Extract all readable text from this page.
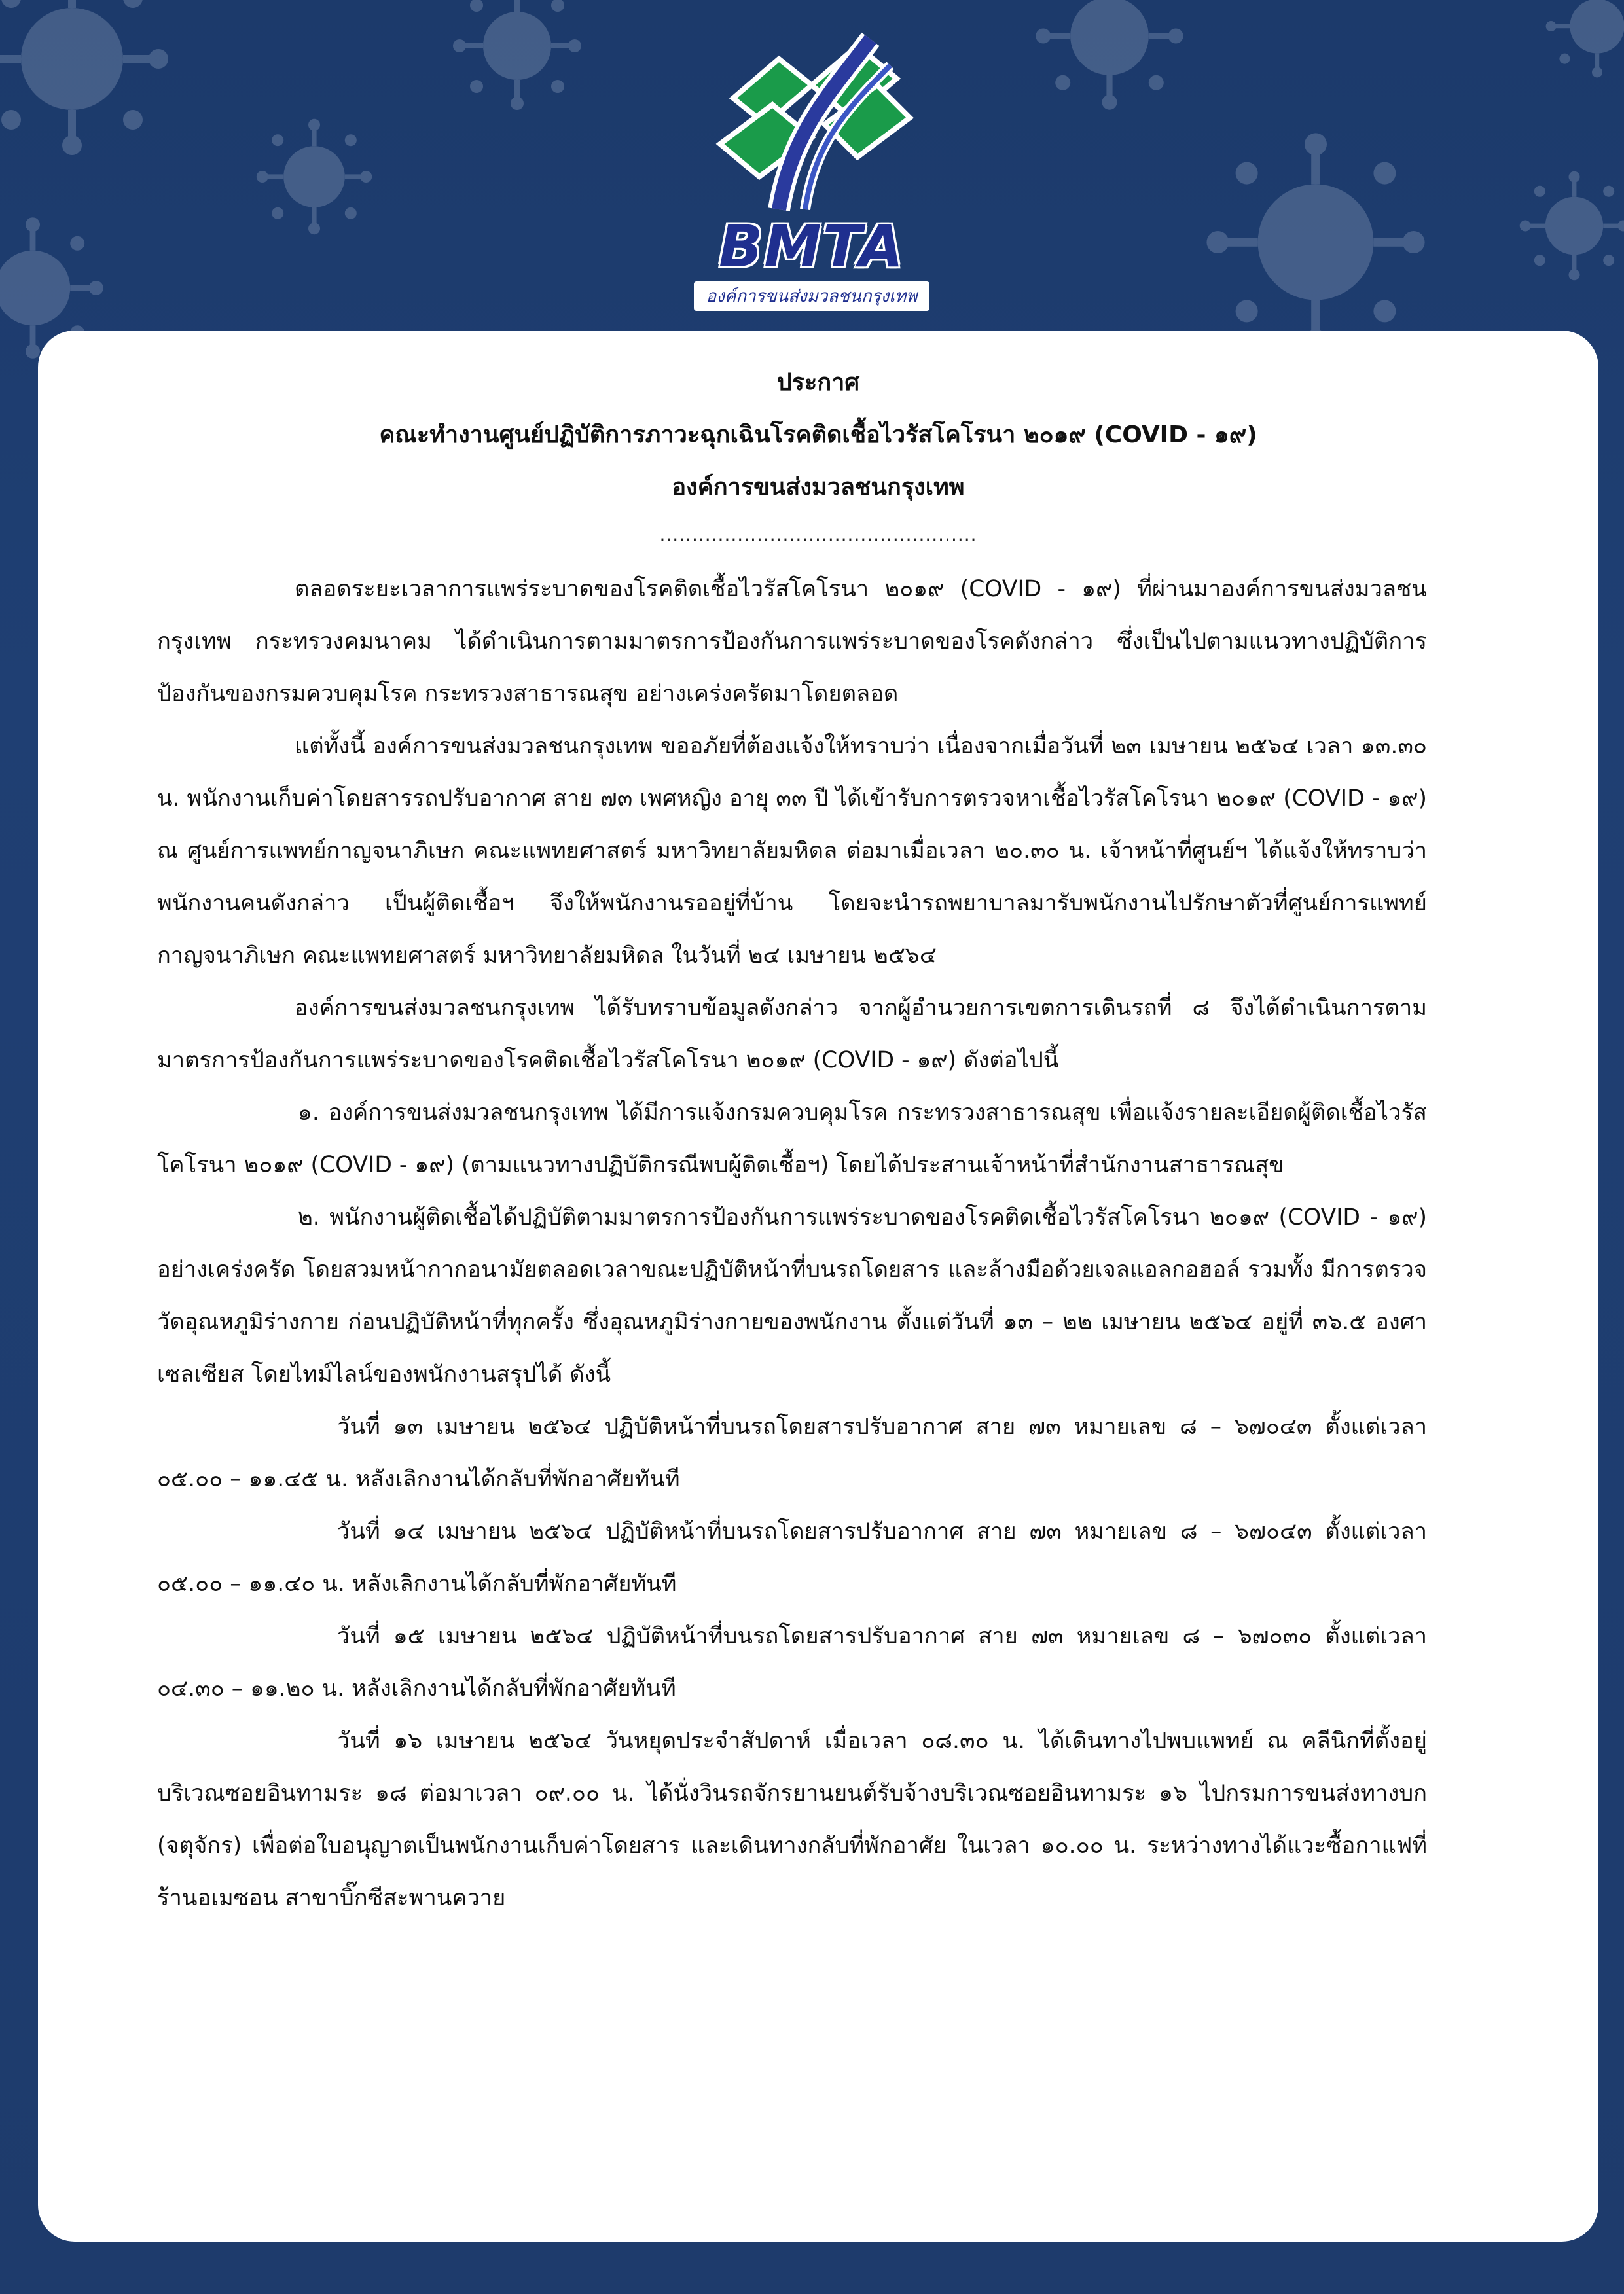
BMTA
องค์การขนส่งมวลชนกรุงเทพ
ประกาศ
คณะทำงานศูนย์ปฏิบัติการภาวะฉุกเฉินโรคติดเชื้อไวรัสโคโรนา ๒๐๑๙ (COVID - ๑๙)
องค์การขนส่งมวลชนกรุงเทพ
.................................................

ตลอดระยะเวลาการแพร่ระบาดของโรคติดเชื้อไวรัสโคโรนา ๒๐๑๙ (COVID - ๑๙) ที่ผ่านมาองค์การขนส่งมวลชนกรุงเทพ กระทรวงคมนาคม ได้ดำเนินการตามมาตรการป้องกันการแพร่ระบาดของโรคดังกล่าว ซึ่งเป็นไปตามแนวทางปฏิบัติการป้องกันของกรมควบคุมโรค กระทรวงสาธารณสุข อย่างเคร่งครัดมาโดยตลอด

แต่ทั้งนี้ องค์การขนส่งมวลชนกรุงเทพ ขออภัยที่ต้องแจ้งให้ทราบว่า เนื่องจากเมื่อวันที่ ๒๓ เมษายน ๒๕๖๔ เวลา ๑๓.๓๐ น. พนักงานเก็บค่าโดยสารรถปรับอากาศ สาย ๗๓ เพศหญิง อายุ ๓๓ ปี ได้เข้ารับการตรวจหาเชื้อไวรัสโคโรนา ๒๐๑๙ (COVID - ๑๙) ณ ศูนย์การแพทย์กาญจนาภิเษก คณะแพทยศาสตร์ มหาวิทยาลัยมหิดล ต่อมาเมื่อเวลา ๒๐.๓๐ น. เจ้าหน้าที่ศูนย์ฯ ได้แจ้งให้ทราบว่าพนักงานคนดังกล่าว เป็นผู้ติดเชื้อฯ จึงให้พนักงานรออยู่ที่บ้าน โดยจะนำรถพยาบาลมารับพนักงานไปรักษาตัวที่ศูนย์การแพทย์กาญจนาภิเษก คณะแพทยศาสตร์ มหาวิทยาลัยมหิดล ในวันที่ ๒๔ เมษายน ๒๕๖๔

องค์การขนส่งมวลชนกรุงเทพ ได้รับทราบข้อมูลดังกล่าว จากผู้อำนวยการเขตการเดินรถที่ ๘ จึงได้ดำเนินการตามมาตรการป้องกันการแพร่ระบาดของโรคติดเชื้อไวรัสโคโรนา ๒๐๑๙ (COVID - ๑๙) ดังต่อไปนี้

๑. องค์การขนส่งมวลชนกรุงเทพ ได้มีการแจ้งกรมควบคุมโรค กระทรวงสาธารณสุข เพื่อแจ้งรายละเอียดผู้ติดเชื้อไวรัสโคโรนา ๒๐๑๙ (COVID - ๑๙) (ตามแนวทางปฏิบัติกรณีพบผู้ติดเชื้อฯ) โดยได้ประสานเจ้าหน้าที่สำนักงานสาธารณสุข

๒. พนักงานผู้ติดเชื้อได้ปฏิบัติตามมาตรการป้องกันการแพร่ระบาดของโรคติดเชื้อไวรัสโคโรนา ๒๐๑๙ (COVID - ๑๙) อย่างเคร่งครัด โดยสวมหน้ากากอนามัยตลอดเวลาขณะปฏิบัติหน้าที่บนรถโดยสาร และล้างมือด้วยเจลแอลกอฮอล์ รวมทั้ง มีการตรวจวัดอุณหภูมิร่างกาย ก่อนปฏิบัติหน้าที่ทุกครั้ง ซึ่งอุณหภูมิร่างกายของพนักงาน ตั้งแต่วันที่ ๑๓ – ๒๒ เมษายน ๒๕๖๔ อยู่ที่ ๓๖.๕ องศาเซลเซียส โดยไทม์ไลน์ของพนักงานสรุปได้ ดังนี้

วันที่ ๑๓ เมษายน ๒๕๖๔ ปฏิบัติหน้าที่บนรถโดยสารปรับอากาศ สาย ๗๓ หมายเลข ๘ – ๖๗๐๔๓ ตั้งแต่เวลา ๐๕.๐๐ – ๑๑.๔๕ น. หลังเลิกงานได้กลับที่พักอาศัยทันที

วันที่ ๑๔ เมษายน ๒๕๖๔ ปฏิบัติหน้าที่บนรถโดยสารปรับอากาศ สาย ๗๓ หมายเลข ๘ – ๖๗๐๔๓ ตั้งแต่เวลา ๐๕.๐๐ – ๑๑.๔๐ น. หลังเลิกงานได้กลับที่พักอาศัยทันที

วันที่ ๑๕ เมษายน ๒๕๖๔ ปฏิบัติหน้าที่บนรถโดยสารปรับอากาศ สาย ๗๓ หมายเลข ๘ – ๖๗๐๓๐ ตั้งแต่เวลา ๐๔.๓๐ – ๑๑.๒๐ น. หลังเลิกงานได้กลับที่พักอาศัยทันที

วันที่ ๑๖ เมษายน ๒๕๖๔ วันหยุดประจำสัปดาห์ เมื่อเวลา ๐๘.๓๐ น. ได้เดินทางไปพบแพทย์ ณ คลีนิกที่ตั้งอยู่บริเวณซอยอินทามระ ๑๘ ต่อมาเวลา ๐๙.๐๐ น. ได้นั่งวินรถจักรยานยนต์รับจ้างบริเวณซอยอินทามระ ๑๖ ไปกรมการขนส่งทางบก (จตุจักร) เพื่อต่อใบอนุญาตเป็นพนักงานเก็บค่าโดยสาร และเดินทางกลับที่พักอาศัย ในเวลา ๑๐.๐๐ น. ระหว่างทางได้แวะซื้อกาแฟที่ร้านอเมซอน สาขาบิ๊กซีสะพานควาย
